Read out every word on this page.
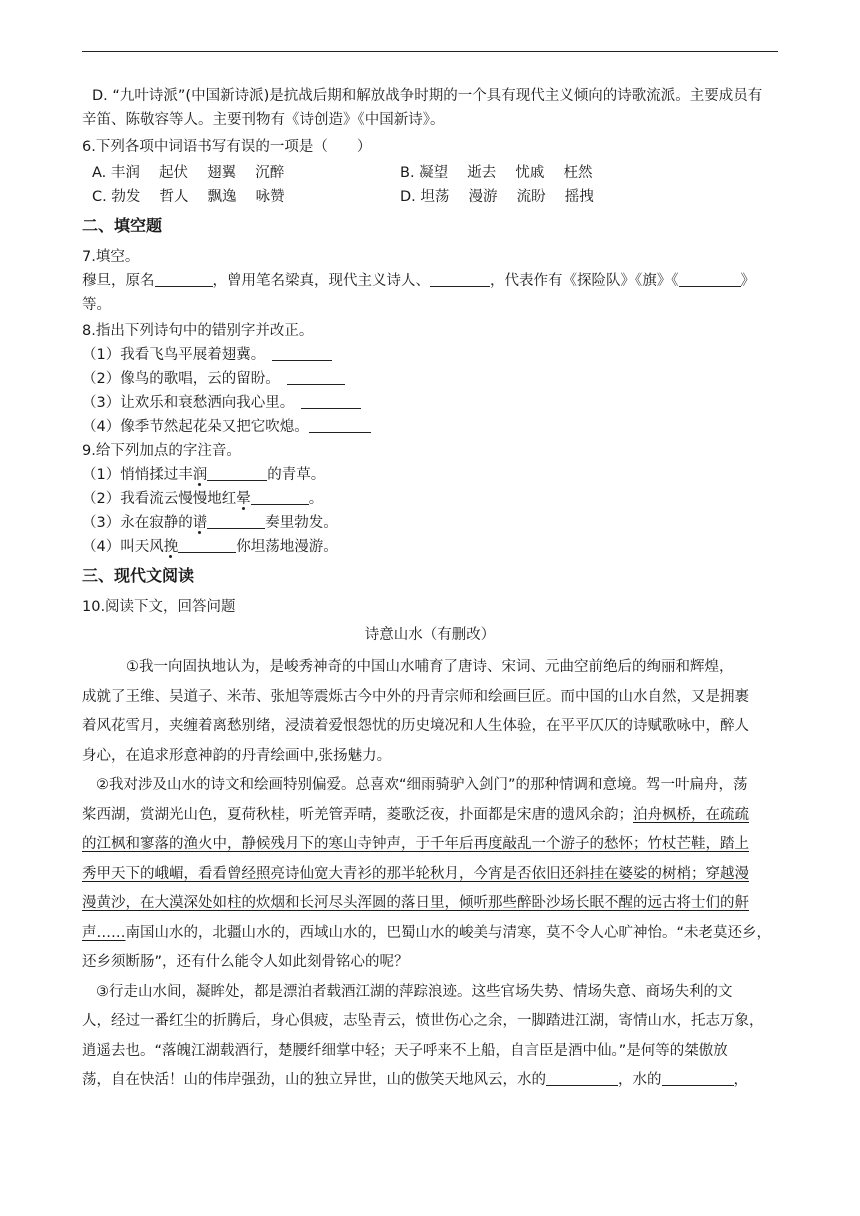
D. “九叶诗派”(中国新诗派)是抗战后期和解放战争时期的一个具有现代主义倾向的诗歌流派。主要成员有
辛笛、陈敬容等人。主要刊物有《诗创造》《中国新诗》。
6.下列各项中词语书写有误的一项是（　　）
A. 丰润　 起伏　 翅翼　 沉醉	B. 凝望　 逝去　 忧戚　 枉然
C. 勃发　 哲人　 飘逸　 咏赞	D. 坦荡　 漫游　 流盼　 摇拽
二、填空题
7.填空。
穆旦，原名	，曾用笔名梁真，现代主义诗人、	，代表作有《探险队》《旗》《	》
等。
8.指出下列诗句中的错别字并改正。
（1）我看飞鸟平展着翅冀。　
（2）像鸟的歌唱，云的留盼。　
（3）让欢乐和衰愁洒向我心里。　
（4）像季节然起花朵又把它吹熄。
9.给下列加点的字注音。
（1）悄悄揉过丰润	的青草。
（2）我看流云慢慢地红晕	。
（3）永在寂静的谱	奏里勃发。
（4）叫天风挽	你坦荡地漫游。
三、现代文阅读
10.阅读下文，回答问题
诗意山水（有删改）
①我一向固执地认为，是峻秀神奇的中国山水哺育了唐诗、宋词、元曲空前绝后的绚丽和辉煌，
成就了王维、吴道子、米芾、张旭等震烁古今中外的丹青宗师和绘画巨匠。而中国的山水自然，又是拥裹
着风花雪月，夹缠着离愁别绪，浸渍着爱恨怨忧的历史境况和人生体验，在平平仄仄的诗赋歌咏中，醉人
身心，在追求形意神韵的丹青绘画中,张扬魅力。
②我对涉及山水的诗文和绘画特别偏爱。总喜欢“细雨骑驴入剑门”的那种情调和意境。驾一叶扁舟，荡
桨西湖，赏湖光山色，夏荷秋桂，听羌管弄晴，菱歌泛夜，扑面都是宋唐的遗风余韵；泊舟枫桥，在疏疏
的江枫和寥落的渔火中，静候残月下的寒山寺钟声，于千年后再度敲乱一个游子的愁怀；竹杖芒鞋，踏上
秀甲天下的峨嵋，看看曾经照亮诗仙宽大青衫的那半轮秋月，今宵是否依旧还斜挂在婆娑的树梢；穿越漫
漫黄沙，在大漠深处如柱的炊烟和长河尽头浑圆的落日里，倾听那些醉卧沙场长眠不醒的远古将士们的鼾
声……南国山水的，北疆山水的，西域山水的，巴蜀山水的峻美与清寒，莫不令人心旷神怡。“未老莫还乡，
还乡须断肠”，还有什么能令人如此刻骨铭心的呢？
③行走山水间，凝眸处，都是漂泊者载酒江湖的萍踪浪迹。这些官场失势、情场失意、商场失利的文
人，经过一番红尘的折腾后，身心俱疲，志坠青云，愤世伤心之余，一脚踏进江湖，寄情山水，托志万象，
逍遥去也。“落魄江湖载酒行，楚腰纤细掌中轻；天子呼来不上船，自言臣是酒中仙。”是何等的桀傲放
荡，自在快活！山的伟岸强劲，山的独立异世，山的傲笑天地风云，水的	，水的	，
